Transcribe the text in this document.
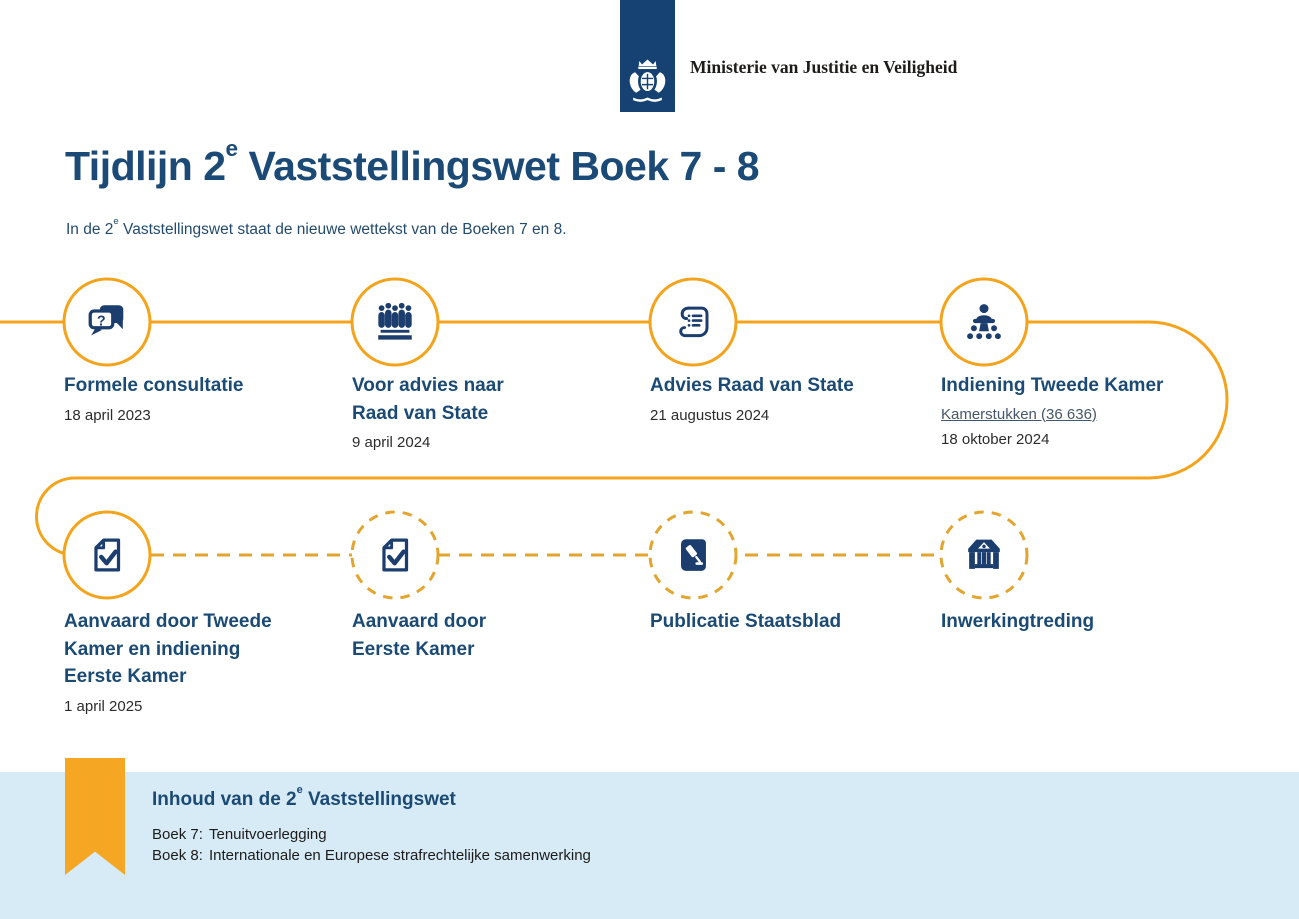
Ministerie van Justitie en Veiligheid
Tijdlijn 2e Vaststellingswet Boek 7 - 8

In de 2e Vaststellingswet staat de nieuwe wettekst van de Boeken 7 en 8.

?
Formele consultatie
18 april 2023
Voor advies naar
Raad van State
9 april 2024
Advies Raad van State
21 augustus 2024
Indiening Tweede Kamer
Kamerstukken (36 636)

18 oktober 2024
Aanvaard door Tweede
Kamer en indiening
Eerste Kamer
1 april 2025
Aanvaard door
Eerste Kamer
Publicatie Staatsblad	Inwerkingtreding
Inhoud van de 2e Vaststellingswet
Boek 7: Tenuitvoerlegging
Boek 8: Internationale en Europese strafrechtelijke samenwerking
